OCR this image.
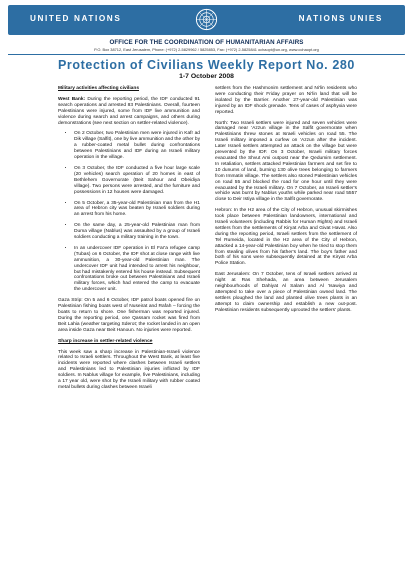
UNITED NATIONS	NATIONS UNIES
OFFICE FOR THE COORDINATION OF HUMANITARIAN AFFAIRS
P.O. Box 38712, East Jerusalem, Phone: (+972) 2-5829962 / 5825853, Fax: (+972) 2-5825841 ochaopt@un.org, www.ochaopt.org
Protection of Civilians Weekly Report No. 280
1-7 October 2008

Military activities affecting civilians

West Bank: During the reporting period, the IDF conducted 91 search operations and arrested 83 Palestinians. Overall, fourteen Palestinians were injured, some from IDF live ammunition and violence during search and arrest campaigns, and others during demonstrations (see next section on settler-related violence).

• On 2 October, two Palestinian men were injured in Kafr ad Dik village (Salfit), one by live ammunition and the other by a rubber-coated metal bullet during confrontations between Palestinians and IDF during an Israeli military operation in the village.
• On 3 October, the IDF conducted a five hour large scale (20 vehicles) search operation of 20 homes in east of Bethlehem Governorate (Beit Sahour and Obeidiya village). Two persons were arrested, and the furniture and possessions in 12 houses were damaged.
• On 5 October, a 35-year-old Palestinian man from the H1 area of Hebron city was beaten by Israeli soldiers during an arrest from his home.
• On the same day, a 25-year-old Palestinian man from Duma village (Nablus) was assaulted by a group of Israeli soldiers conducting a military training in the town.
• In an undercover IDF operation in El Far'a refugee camp (Tubas) on 6 October, the IDF shot at close range with live ammunition, a 30-year-old Palestinian man. The undercover IDF unit had intended to arrest his neighbour, but had mistakenly entered his house instead. Subsequent confrontations broke out between Palestinians and Israeli military forces, which had entered the camp to evacuate the undercover unit.

Gaza Strip: On 5 and 6 October, IDF patrol boats opened fire on Palestinian fishing boats west of Nuseirat and Rafah – forcing the boats to return to shore. One fisherman was reported injured. During the reporting period, one Qassam rocket was fired from Beit Lahia (weather targeting Sderot; the rocket landed in an open area inside Gaza near Beit Hanoun. No injuries were reported.

Sharp increase in settler-related violence

This week saw a sharp increase in Palestinian-Israeli violence related to Israeli settlers. Throughout the West Bank, at least five incidents were reported where clashes between Israeli settlers and Palestinians led to Palestinian injuries inflicted by IDF soldiers. In Nablus village for example, five Palestinians, including a 17 year old, were shot by the Israeli military with rubber coated metal bullets during clashes between Israeli

settlers from the Hashmonim settlement and Ni'lin residents who were conducting their Friday prayer on Ni'lin land that will be isolated by the Barrier. Another 27-year-old Palestinian was injured by an IDF shock grenade. Tens of cases of asphyxia were reported.

North: Two Israeli settlers were injured and seven vehicles were damaged near 'Azzun village in the Salfit governorate when Palestinians threw stones at Israeli vehicles on road 55. The Israeli military imposed a curfew on 'Azzun after the incident. Later Israeli settlers attempted an attack on the village but were prevented by the IDF. On 3 October, Israeli military forces evacuated the Shvut Ami outpost near the Qedumim settlement. In retaliation, settlers attacked Palestinian farmers and set fire to 10 dunums of land, burning 130 olive trees belonging to farmers from Immatin village. The settlers also stoned Palestinian vehicles on road 55 and blocked the road for one hour until they were evacuated by the Israeli military. On 7 October, an Israeli settler's vehicle was burnt by Nablus youths while parked near road 5557 close to Deir Istiya village in the Salfit governorate.

Hebron: In the H2 area of the City of Hebron, unusual skirmishes took place between Palestinian landowners, international and Israeli volunteers (including Rabbis for Human Rights) and Israeli settlers from the settlements of Kiryat Arba and Givat Havat. Also during the reporting period, Israeli settlers from the settlement of Tel Rumeida, located in the H2 area of the City of Hebron, attacked a 14-year-old Palestinian boy when he tried to stop them from stealing olives from his father's land. The boy's father and both of his sons were subsequently detained at the Kiryat Arba Police Station.

East Jerusalem: On 7 October, tens of Israeli settlers arrived at night at Ras Shehada, an area between Jerusalem neighbourhoods of Dahiyat Al Salam and Al 'Isawiya and attempted to take over a piece of Palestinian owned land. The settlers ploughed the land and planted olive trees plants in an attempt to claim ownership and establish a new out-post. Palestinian residents subsequently uprooted the settlers' plants.
